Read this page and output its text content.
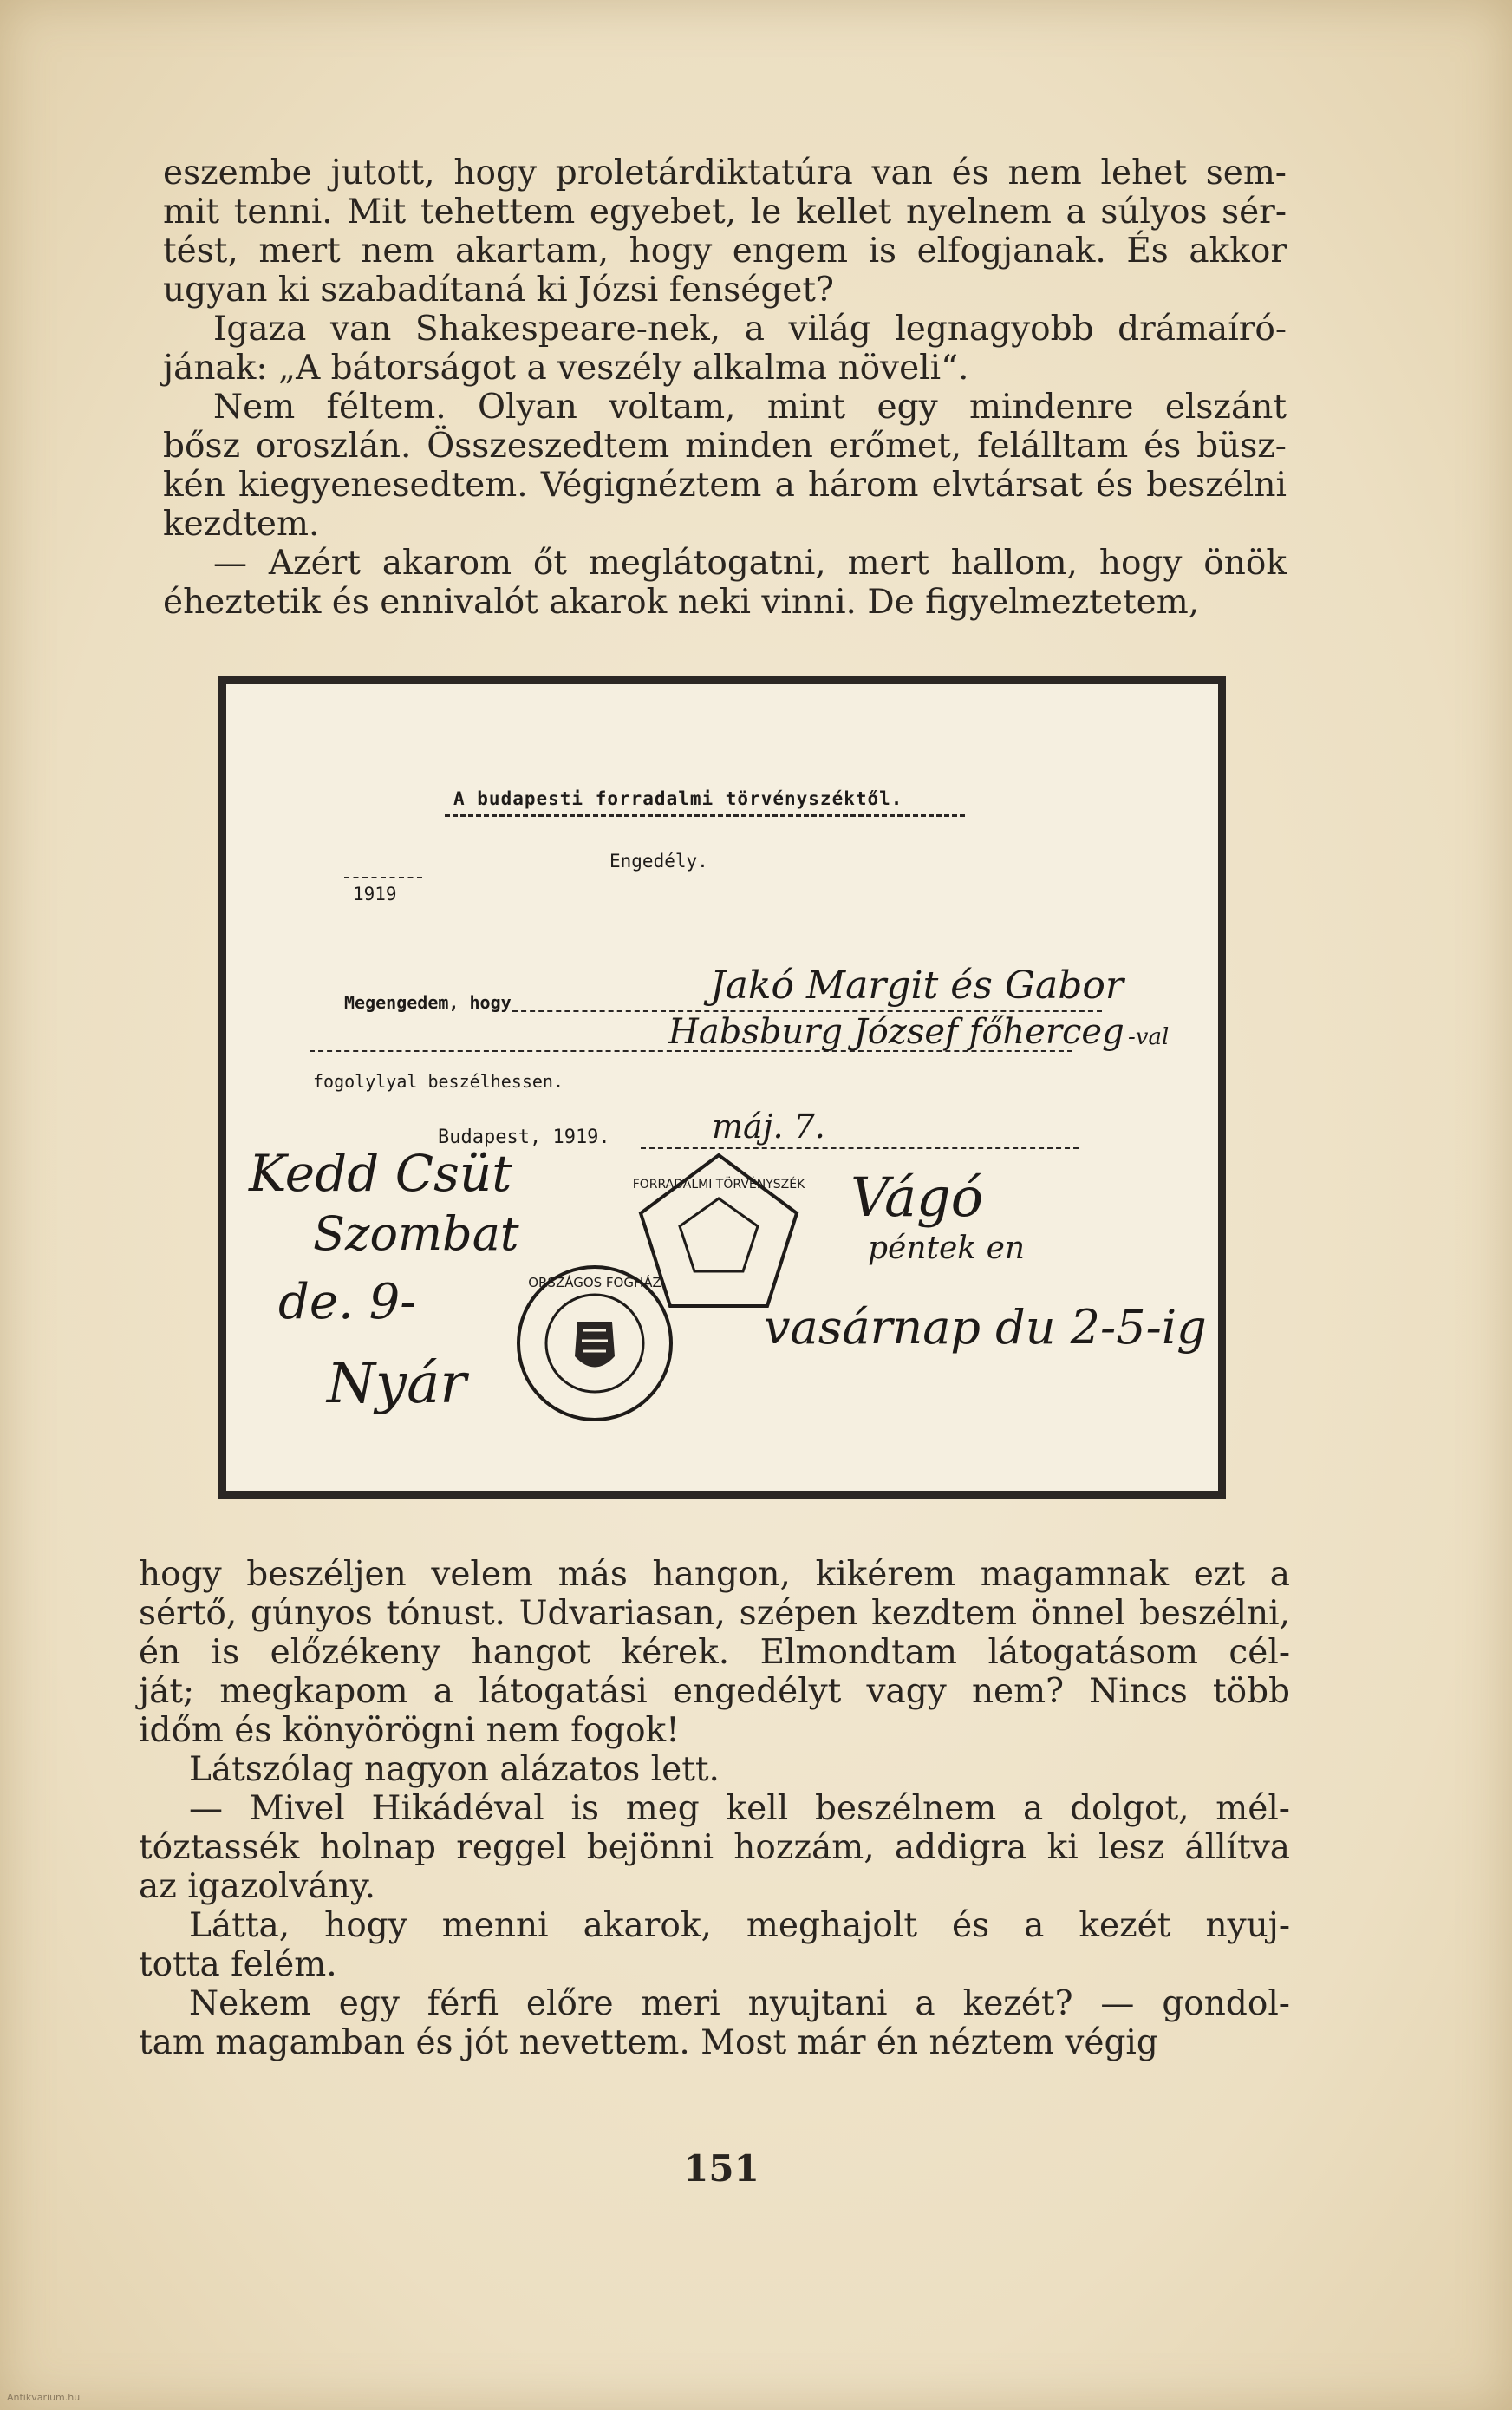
eszembe jutott, hogy proletárdiktatúra van és nem lehet sem-
mit tenni. Mit tehettem egyebet, le kellet nyelnem a súlyos sér-
tést, mert nem akartam, hogy engem is elfogjanak. És akkor
ugyan ki szabadítaná ki Józsi fenséget?

Igaza van Shakespeare-nek, a világ legnagyobb drámaíró-
jának: „A bátorságot a veszély alkalma növeli“.

Nem féltem. Olyan voltam, mint egy mindenre elszánt
bősz oroszlán. Összeszedtem minden erőmet, felálltam és büsz-
kén kiegyenesedtem. Végignéztem a három elvtársat és beszélni
kezdtem.

— Azért akarom őt meglátogatni, mert hallom, hogy önök
éheztetik és ennivalót akarok neki vinni. De figyelmeztetem,

A budapesti forradalmi törvényszéktől.
Engedély.
1919
Megengedem, hogy	Jakó Margit és Gabor
Habsburg József főherceg -val
fogolylyal beszélhessen.
Budapest, 1919.	máj. 7.
Kedd Csüt
Szombat
de. 9-
Nyár
FORRADALMI TÖRVÉNYSZÉK
ORSZÁGOS FOGHÁZ
Vágó
péntek en
vasárnap du 2-5-ig

hogy beszéljen velem más hangon, kikérem magamnak ezt a
sértő, gúnyos tónust. Udvariasan, szépen kezdtem önnel beszélni,
én is előzékeny hangot kérek. Elmondtam látogatásom cél-
ját; megkapom a látogatási engedélyt vagy nem? Nincs több
időm és könyörögni nem fogok!

Látszólag nagyon alázatos lett.

— Mivel Hikádéval is meg kell beszélnem a dolgot, mél-
tóztassék holnap reggel bejönni hozzám, addigra ki lesz állítva
az igazolvány.

Látta, hogy menni akarok, meghajolt és a kezét nyuj-
totta felém.

Nekem egy férfi előre meri nyujtani a kezét? — gondol-
tam magamban és jót nevettem. Most már én néztem végig

151
Antikvarium.hu
